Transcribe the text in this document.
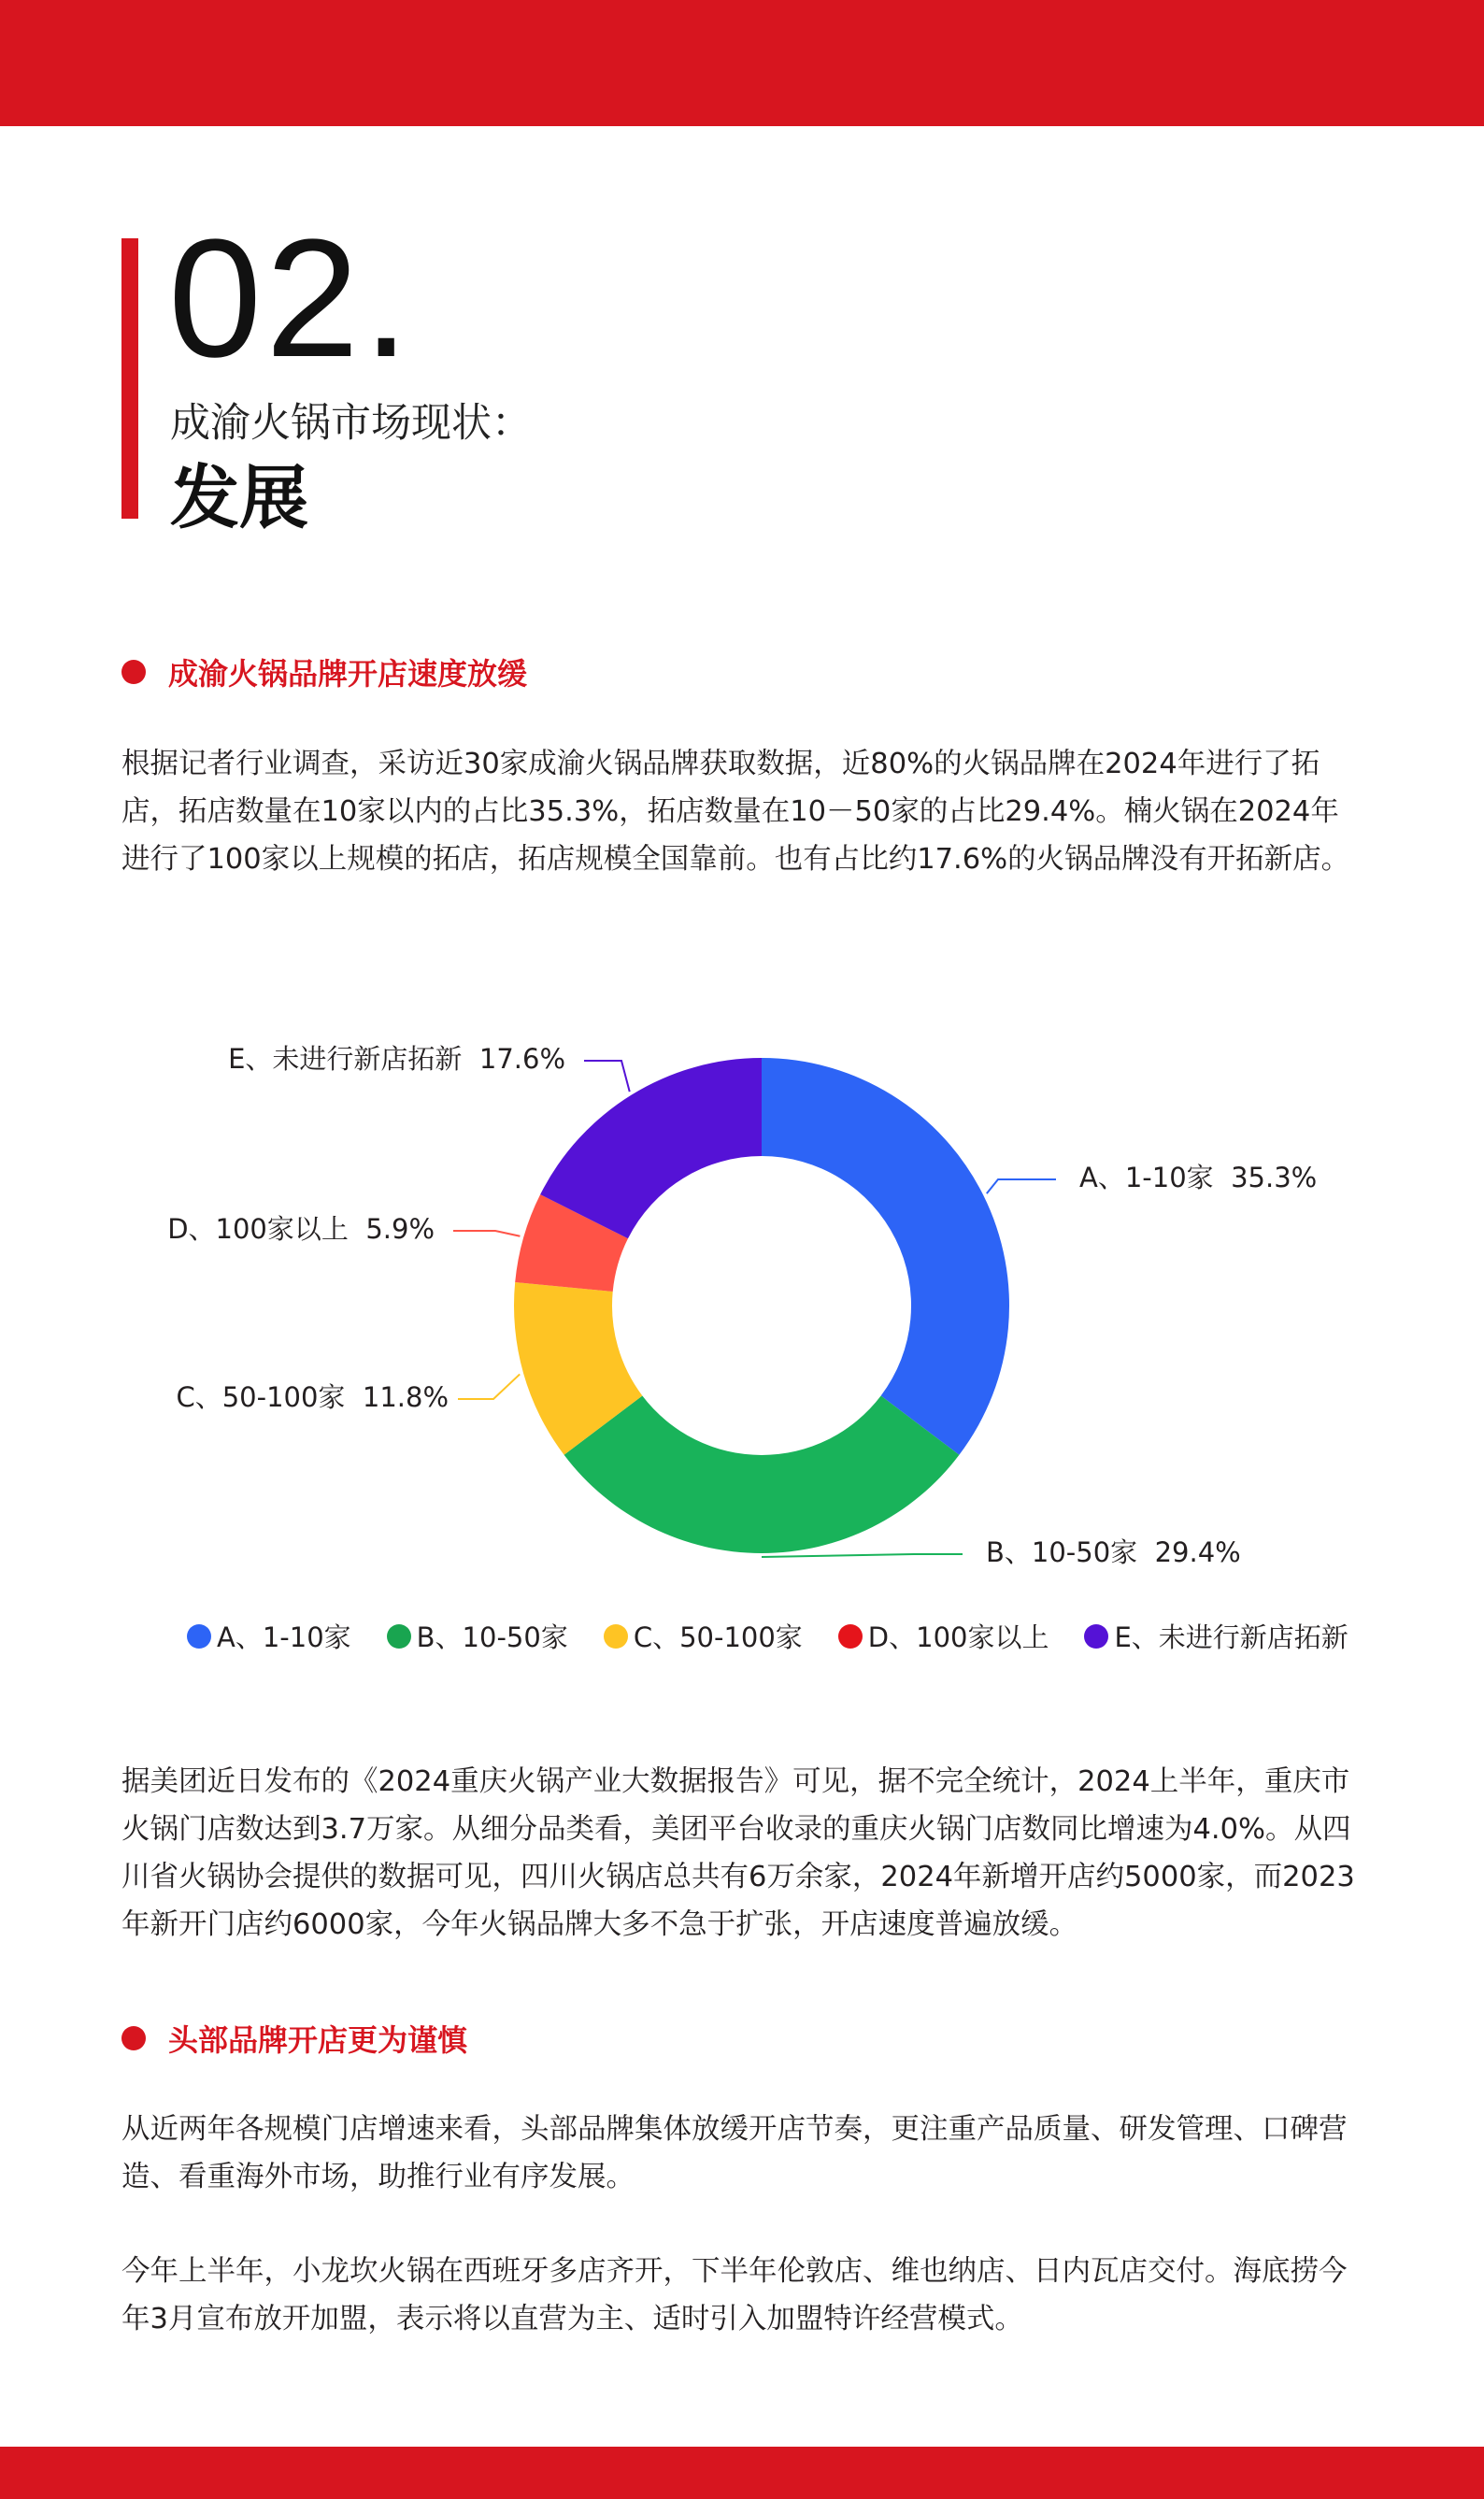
02.
成渝火锅市场现状：
发展
成渝火锅品牌开店速度放缓

根据记者行业调查，采访近30家成渝火锅品牌获取数据，近80%的火锅品牌在2024年进行了拓店，拓店数量在10家以内的占比35.3%，拓店数量在10－50家的占比29.4%。楠火锅在2024年进行了100家以上规模的拓店，拓店规模全国靠前。也有占比约17.6%的火锅品牌没有开拓新店。

A、1-10家  35.3%
B、10-50家  29.4%
C、50-100家  11.8%
D、100家以上  5.9%
E、未进行新店拓新  17.6%
A、1-10家 B、10-50家 C、50-100家 D、100家以上 E、未进行新店拓新

据美团近日发布的《2024重庆火锅产业大数据报告》可见，据不完全统计，2024上半年，重庆市火锅门店数达到3.7万家。从细分品类看，美团平台收录的重庆火锅门店数同比增速为4.0%。从四川省火锅协会提供的数据可见，四川火锅店总共有6万余家，2024年新增开店约5000家，而2023年新开门店约6000家，今年火锅品牌大多不急于扩张，开店速度普遍放缓。

头部品牌开店更为谨慎

从近两年各规模门店增速来看，头部品牌集体放缓开店节奏，更注重产品质量、研发管理、口碑营造、看重海外市场，助推行业有序发展。

今年上半年，小龙坎火锅在西班牙多店齐开，下半年伦敦店、维也纳店、日内瓦店交付。海底捞今年3月宣布放开加盟，表示将以直营为主、适时引入加盟特许经营模式。
